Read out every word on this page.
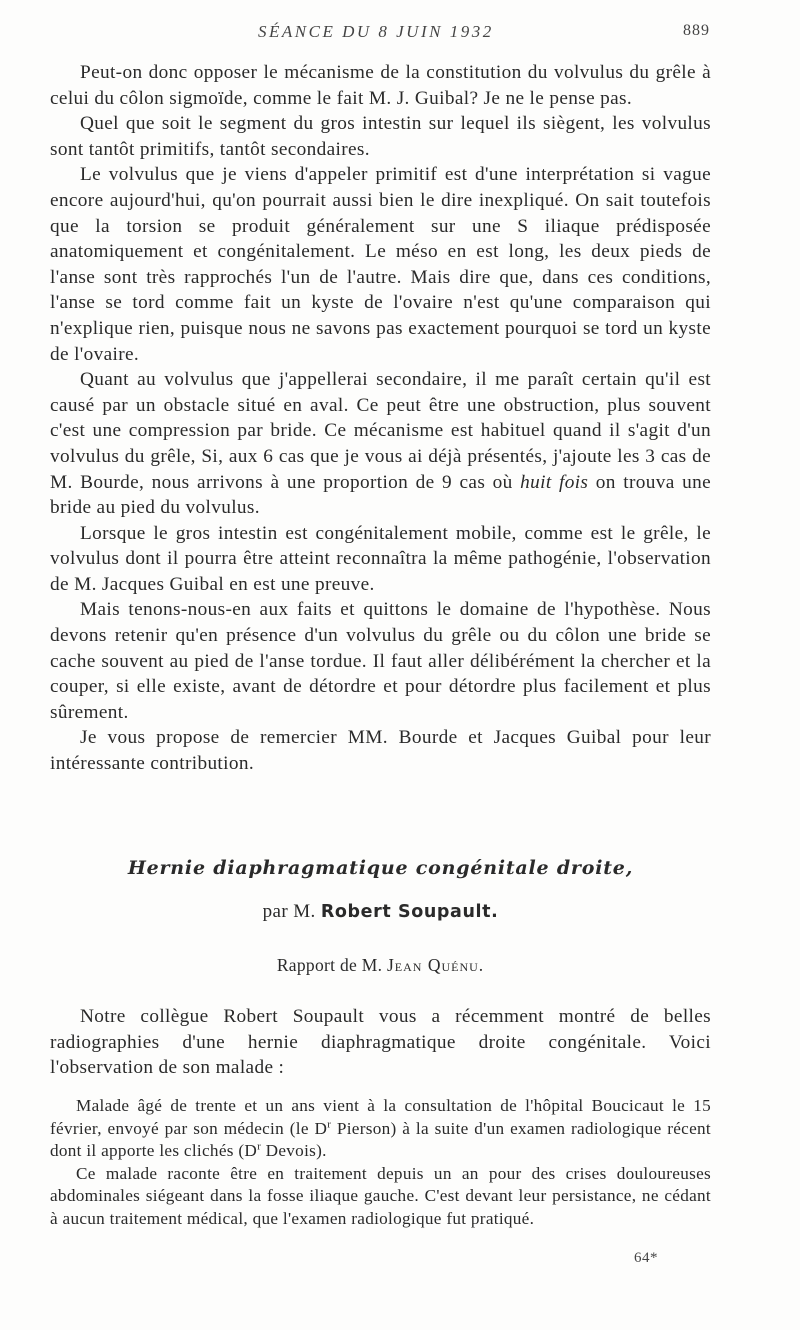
SÉANCE DU 8 JUIN 1932	889

Peut-on donc opposer le mécanisme de la constitution du volvulus du grêle à celui du côlon sigmoïde, comme le fait M. J. Guibal? Je ne le pense pas.

Quel que soit le segment du gros intestin sur lequel ils siègent, les volvulus sont tantôt primitifs, tantôt secondaires.

Le volvulus que je viens d'appeler primitif est d'une interprétation si vague encore aujourd'hui, qu'on pourrait aussi bien le dire inexpliqué. On sait toutefois que la torsion se produit généralement sur une S iliaque prédisposée anatomiquement et congénitalement. Le méso en est long, les deux pieds de l'anse sont très rapprochés l'un de l'autre. Mais dire que, dans ces conditions, l'anse se tord comme fait un kyste de l'ovaire n'est qu'une comparaison qui n'explique rien, puisque nous ne savons pas exactement pourquoi se tord un kyste de l'ovaire.

Quant au volvulus que j'appellerai secondaire, il me paraît certain qu'il est causé par un obstacle situé en aval. Ce peut être une obstruction, plus souvent c'est une compression par bride. Ce mécanisme est habituel quand il s'agit d'un volvulus du grêle, Si, aux 6 cas que je vous ai déjà présentés, j'ajoute les 3 cas de M. Bourde, nous arrivons à une proportion de 9 cas où huit fois on trouva une bride au pied du volvulus.

Lorsque le gros intestin est congénitalement mobile, comme est le grêle, le volvulus dont il pourra être atteint reconnaîtra la même pathogénie, l'observation de M. Jacques Guibal en est une preuve.

Mais tenons-nous-en aux faits et quittons le domaine de l'hypothèse. Nous devons retenir qu'en présence d'un volvulus du grêle ou du côlon une bride se cache souvent au pied de l'anse tordue. Il faut aller délibérément la chercher et la couper, si elle existe, avant de détordre et pour détordre plus facilement et plus sûrement.

Je vous propose de remercier MM. Bourde et Jacques Guibal pour leur intéressante contribution.

Hernie diaphragmatique congénitale droite,
par M. Robert Soupault.
Rapport de M. Jean Quénu.

Notre collègue Robert Soupault vous a récemment montré de belles radiographies d'une hernie diaphragmatique droite congénitale. Voici l'observation de son malade :

Malade âgé de trente et un ans vient à la consultation de l'hôpital Boucicaut le 15 février, envoyé par son médecin (le $D^r$ Pierson) à la suite d'un examen radiologique récent dont il apporte les clichés ($D^r$ Devois).

Ce malade raconte être en traitement depuis un an pour des crises douloureuses abdominales siégeant dans la fosse iliaque gauche. C'est devant leur persistance, ne cédant à aucun traitement médical, que l'examen radiologique fut pratiqué.

64*
